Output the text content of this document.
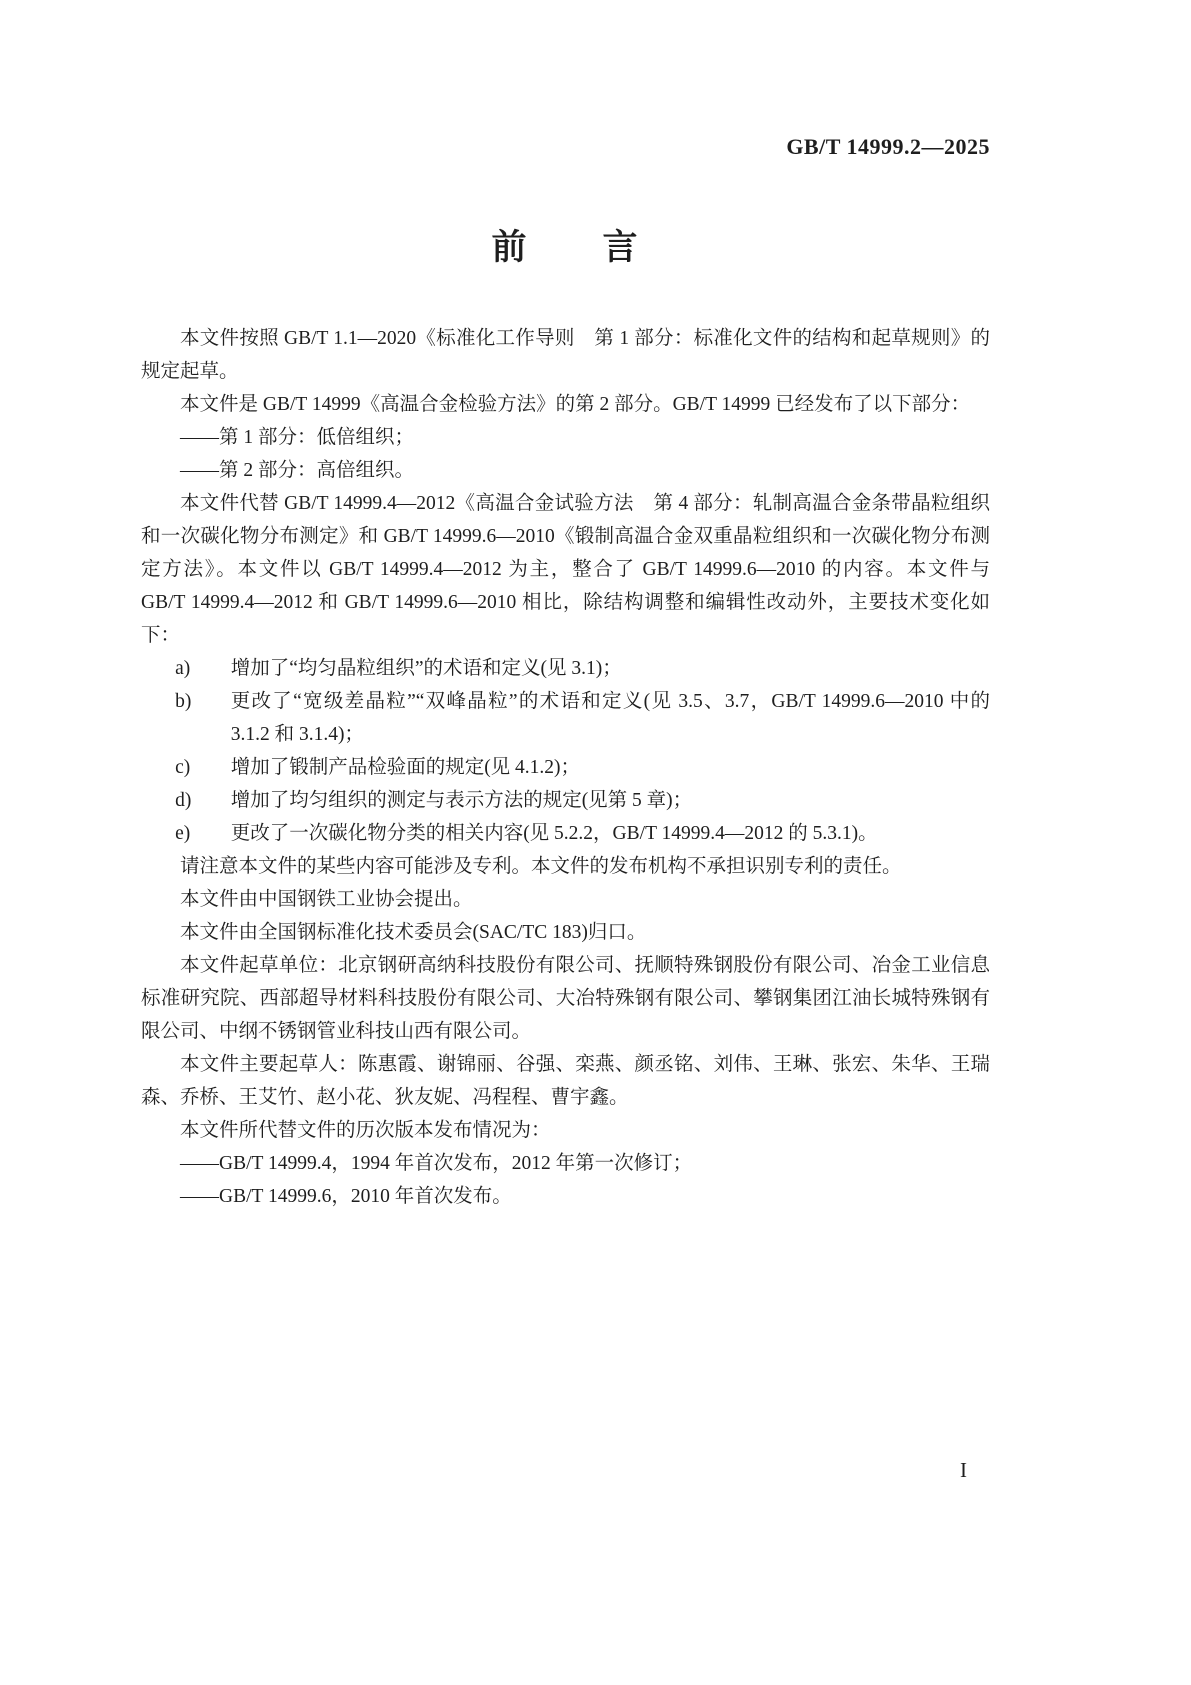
GB/T 14999.2—2025
前　　言

本文件按照 GB/T 1.1—2020《标准化工作导则　第 1 部分：标准化文件的结构和起草规则》的规定起草。

本文件是 GB/T 14999《高温合金检验方法》的第 2 部分。GB/T 14999 已经发布了以下部分：

——第 1 部分：低倍组织；

——第 2 部分：高倍组织。

本文件代替 GB/T 14999.4—2012《高温合金试验方法　第 4 部分：轧制高温合金条带晶粒组织和一次碳化物分布测定》和 GB/T 14999.6—2010《锻制高温合金双重晶粒组织和一次碳化物分布测定方法》。本文件以 GB/T 14999.4—2012 为主，整合了 GB/T 14999.6—2010 的内容。本文件与 GB/T 14999.4—2012 和 GB/T 14999.6—2010 相比，除结构调整和编辑性改动外，主要技术变化如下：

a)	增加了“均匀晶粒组织”的术语和定义(见 3.1)；
b)	更改了“宽级差晶粒”“双峰晶粒”的术语和定义(见 3.5、3.7，GB/T 14999.6—2010 中的 3.1.2 和 3.1.4)；
c)	增加了锻制产品检验面的规定(见 4.1.2)；
d)	增加了均匀组织的测定与表示方法的规定(见第 5 章)；
e)	更改了一次碳化物分类的相关内容(见 5.2.2，GB/T 14999.4—2012 的 5.3.1)。

请注意本文件的某些内容可能涉及专利。本文件的发布机构不承担识别专利的责任。

本文件由中国钢铁工业协会提出。

本文件由全国钢标准化技术委员会(SAC/TC 183)归口。

本文件起草单位：北京钢研高纳科技股份有限公司、抚顺特殊钢股份有限公司、冶金工业信息标准研究院、西部超导材料科技股份有限公司、大冶特殊钢有限公司、攀钢集团江油长城特殊钢有限公司、中纲不锈钢管业科技山西有限公司。

本文件主要起草人：陈惠霞、谢锦丽、谷强、栾燕、颜丞铭、刘伟、王琳、张宏、朱华、王瑞森、乔桥、王艾竹、赵小花、狄友妮、冯程程、曹宇鑫。

本文件所代替文件的历次版本发布情况为：

——GB/T 14999.4，1994 年首次发布，2012 年第一次修订；

——GB/T 14999.6，2010 年首次发布。

I
